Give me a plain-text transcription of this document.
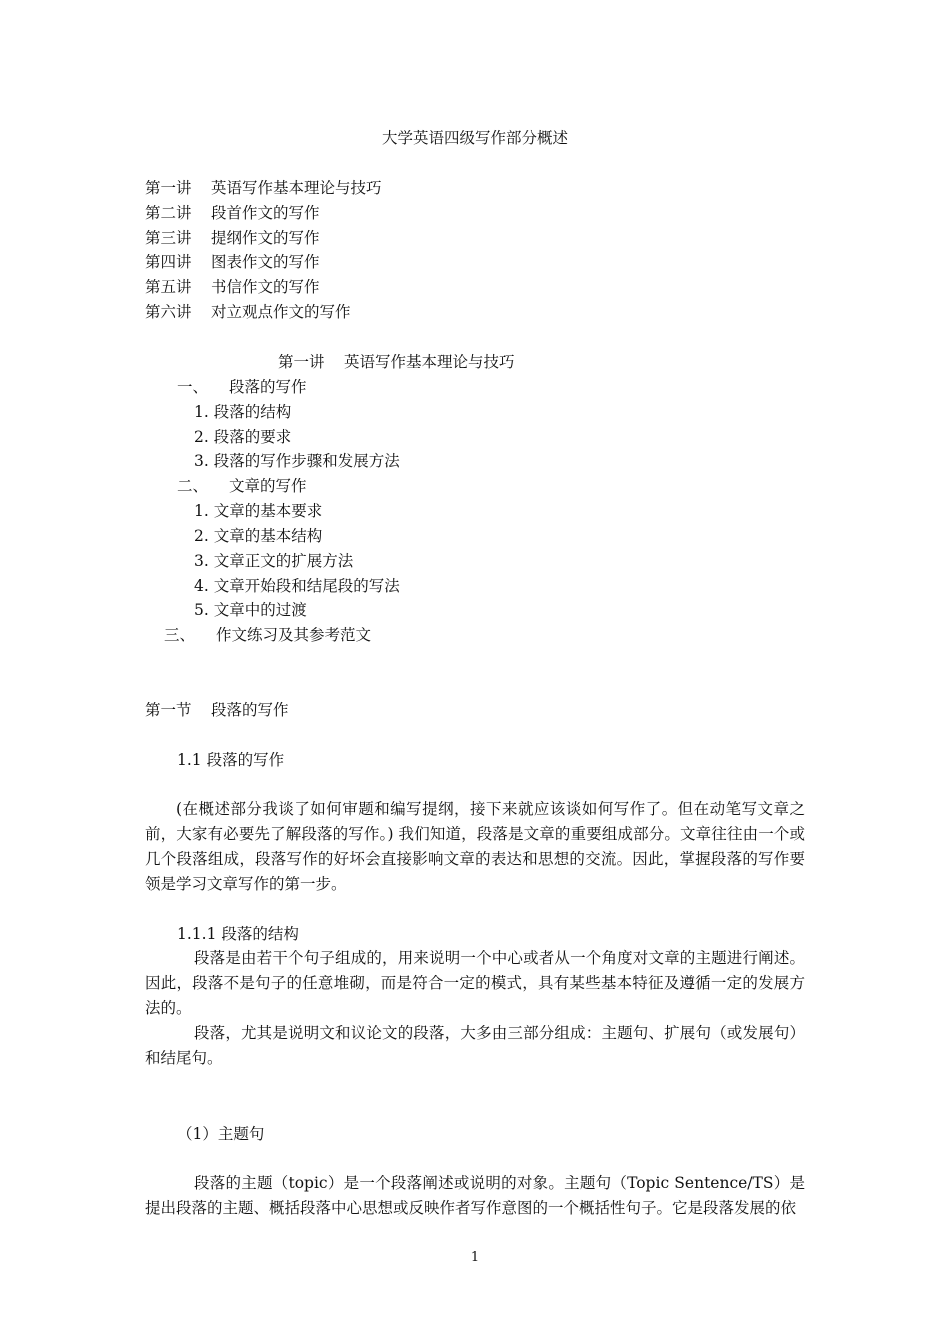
大学英语四级写作部分概述
第一讲 英语写作基本理论与技巧
第二讲 段首作文的写作
第三讲 提纲作文的写作
第四讲 图表作文的写作
第五讲 书信作文的写作
第六讲 对立观点作文的写作
第一讲 英语写作基本理论与技巧
一、 段落的写作
1. 段落的结构
2. 段落的要求
3. 段落的写作步骤和发展方法
二、 文章的写作
1. 文章的基本要求
2. 文章的基本结构
3. 文章正文的扩展方法
4. 文章开始段和结尾段的写法
5. 文章中的过渡
三、 作文练习及其参考范文
第一节 段落的写作
1.1 段落的写作
(在概述部分我谈了如何审题和编写提纲，接下来就应该谈如何写作了。但在动笔写文章之前，大家有必要先了解段落的写作。) 我们知道，段落是文章的重要组成部分。文章往往由一个或几个段落组成，段落写作的好坏会直接影响文章的表达和思想的交流。因此，掌握段落的写作要领是学习文章写作的第一步。
1.1.1 段落的结构
段落是由若干个句子组成的，用来说明一个中心或者从一个角度对文章的主题进行阐述。因此，段落不是句子的任意堆砌，而是符合一定的模式，具有某些基本特征及遵循一定的发展方法的。
段落，尤其是说明文和议论文的段落，大多由三部分组成：主题句、扩展句（或发展句）和结尾句。
（1）主题句
段落的主题（topic）是一个段落阐述或说明的对象。主题句（Topic Sentence/TS）是提出段落的主题、概括段落中心思想或反映作者写作意图的一个概括性句子。它是段落发展的依
1
